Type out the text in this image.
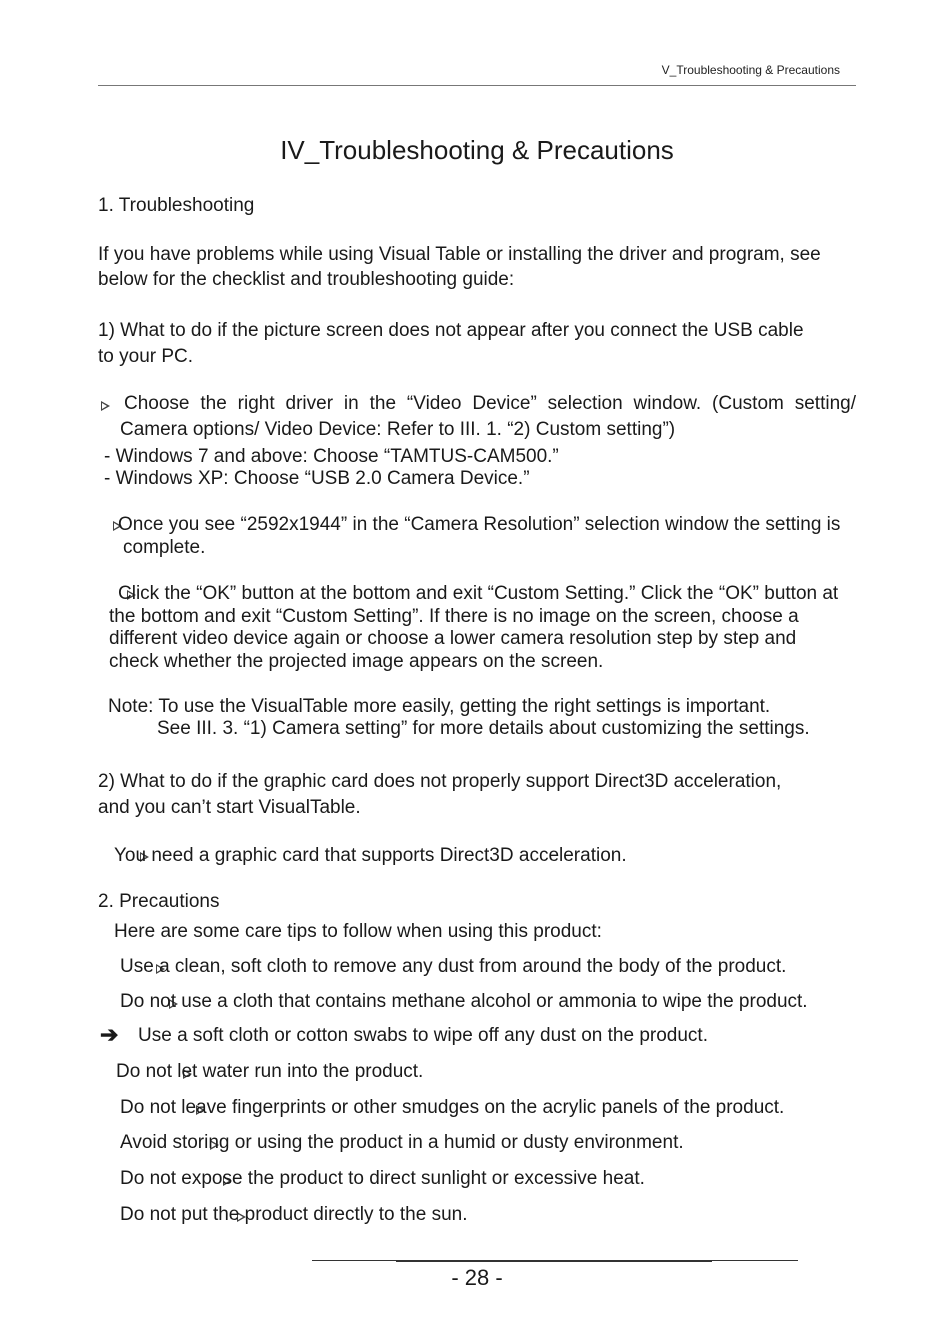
V_Troubleshooting & Precautions
IV_Troubleshooting & Precautions
1. Troubleshooting
If you have problems while using Visual Table or installing the driver and program, see
below for the checklist and troubleshooting guide:
1) What to do if the picture screen does not appear after you connect the USB cable
to your PC.

Choose the right driver in the “Video Device” selection window. (Custom setting/
Camera options/ Video Device: Refer to III. 1. “2) Custom setting”)
- Windows 7 and above: Choose “TAMTUS-CAM500.”
- Windows XP: Choose “USB 2.0 Camera Device.”

Once you see “2592x1944” in the “Camera Resolution” selection window the setting is
complete.

Click the “OK” button at the bottom and exit “Custom Setting.” Click the “OK” button at
the bottom and exit “Custom Setting”. If there is no image on the screen, choose a
different video device again or choose a lower camera resolution step by step and
check whether the projected image appears on the screen.
Note: To use the VisualTable more easily, getting the right settings is important.
See III. 3. “1) Camera setting” for more details about customizing the settings.
2) What to do if the graphic card does not properly support Direct3D acceleration,
and you can’t start VisualTable.

You need a graphic card that supports Direct3D acceleration.
2. Precautions
Here are some care tips to follow when using this product:

Use a clean, soft cloth to remove any dust from around the body of the product.

Do not use a cloth that contains methane alcohol or ammonia to wipe the product.
➔ Use a soft cloth or cotton swabs to wipe off any dust on the product.

Do not let water run into the product.

Do not leave fingerprints or other smudges on the acrylic panels of the product.

Avoid storing or using the product in a humid or dusty environment.

Do not expose the product to direct sunlight or excessive heat.
Do not put the product directly to the sun.
- 28 -
